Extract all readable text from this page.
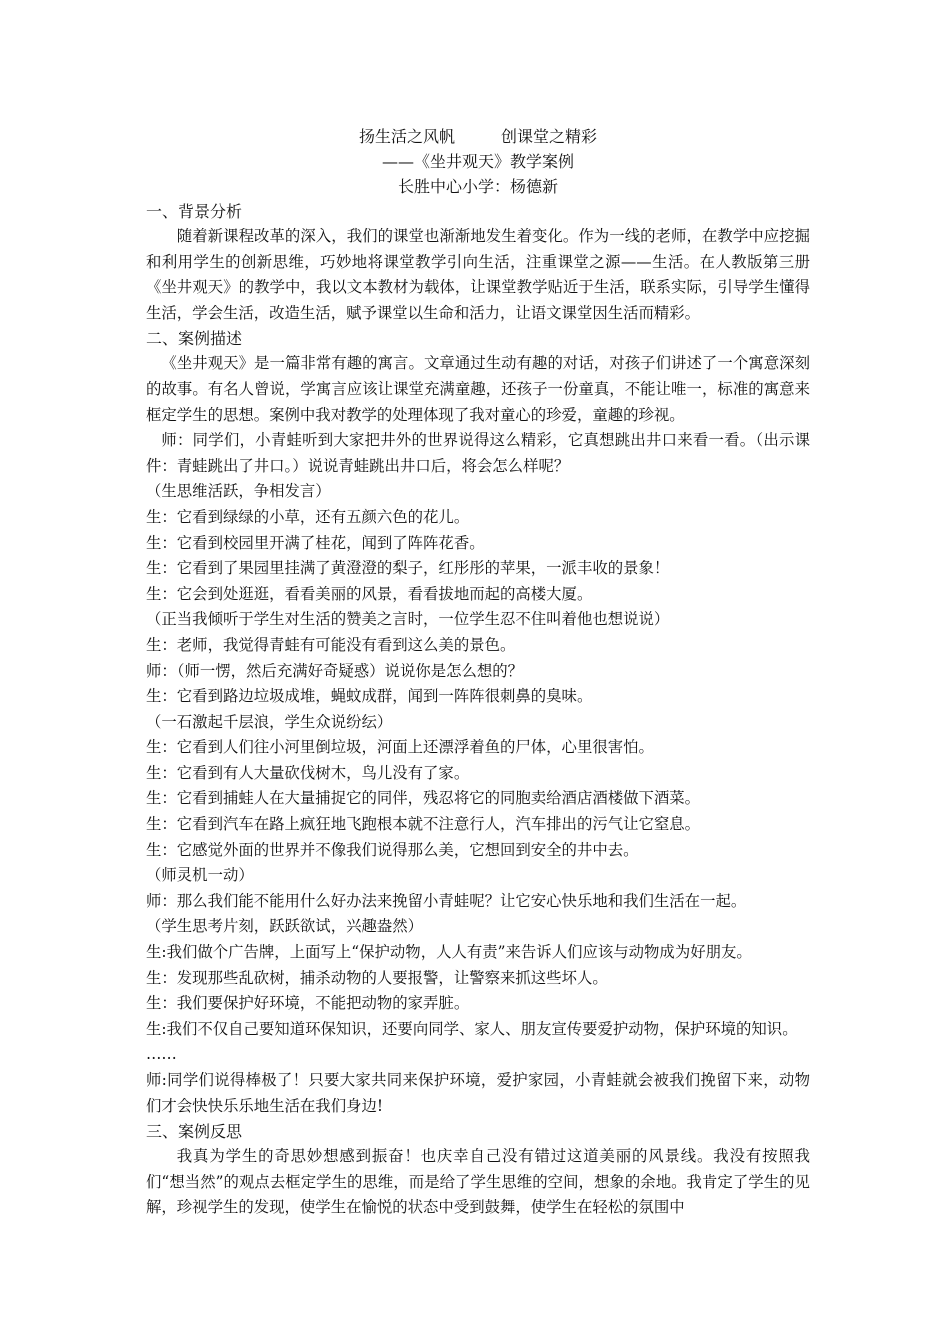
扬生活之风帆	创课堂之精彩
——《坐井观天》教学案例
长胜中心小学：杨德新
一、背景分析

随着新课程改革的深入，我们的课堂也渐渐地发生着变化。作为一线的老师，在教学中应挖掘和利用学生的创新思维，巧妙地将课堂教学引向生活，注重课堂之源——生活。在人教版第三册《坐井观天》的教学中，我以文本教材为载体，让课堂教学贴近于生活，联系实际，引导学生懂得生活，学会生活，改造生活，赋予课堂以生命和活力，让语文课堂因生活而精彩。

二、案例描述

《坐井观天》是一篇非常有趣的寓言。文章通过生动有趣的对话，对孩子们讲述了一个寓意深刻的故事。有名人曾说，学寓言应该让课堂充满童趣，还孩子一份童真，不能让唯一，标准的寓意来框定学生的思想。案例中我对教学的处理体现了我对童心的珍爱，童趣的珍视。

师：同学们，小青蛙听到大家把井外的世界说得这么精彩，它真想跳出井口来看一看。（出示课件：青蛙跳出了井口。）说说青蛙跳出井口后，将会怎么样呢？
（生思维活跃，争相发言）
生：它看到绿绿的小草，还有五颜六色的花儿。
生：它看到校园里开满了桂花，闻到了阵阵花香。
生：它看到了果园里挂满了黄澄澄的梨子，红彤彤的苹果，一派丰收的景象！
生：它会到处逛逛，看看美丽的风景，看看拔地而起的高楼大厦。
（正当我倾听于学生对生活的赞美之言时，一位学生忍不住叫着他也想说说）
生：老师，我觉得青蛙有可能没有看到这么美的景色。
师：（师一愣，然后充满好奇疑惑）说说你是怎么想的？
生：它看到路边垃圾成堆，蝇蚊成群，闻到一阵阵很刺鼻的臭味。
（一石激起千层浪，学生众说纷纭）
生：它看到人们往小河里倒垃圾，河面上还漂浮着鱼的尸体，心里很害怕。
生：它看到有人大量砍伐树木，鸟儿没有了家。
生：它看到捕蛙人在大量捕捉它的同伴，残忍将它的同胞卖给酒店酒楼做下酒菜。
生：它看到汽车在路上疯狂地飞跑根本就不注意行人，汽车排出的污气让它窒息。
生：它感觉外面的世界并不像我们说得那么美，它想回到安全的井中去。
（师灵机一动）
师：那么我们能不能用什么好办法来挽留小青蛙呢？让它安心快乐地和我们生活在一起。
（学生思考片刻，跃跃欲试，兴趣盎然）
生:我们做个广告牌，上面写上“保护动物，人人有责”来告诉人们应该与动物成为好朋友。
生：发现那些乱砍树，捕杀动物的人要报警，让警察来抓这些坏人。
生：我们要保护好环境，不能把动物的家弄脏。
生:我们不仅自己要知道环保知识，还要向同学、家人、朋友宣传要爱护动物，保护环境的知识。
……
师:同学们说得棒极了！只要大家共同来保护环境，爱护家园，小青蛙就会被我们挽留下来，动物们才会快快乐乐地生活在我们身边!
三、案例反思

我真为学生的奇思妙想感到振奋！也庆幸自己没有错过这道美丽的风景线。我没有按照我们“想当然”的观点去框定学生的思维，而是给了学生思维的空间，想象的余地。我肯定了学生的见解，珍视学生的发现，使学生在愉悦的状态中受到鼓舞，使学生在轻松的氛围中
